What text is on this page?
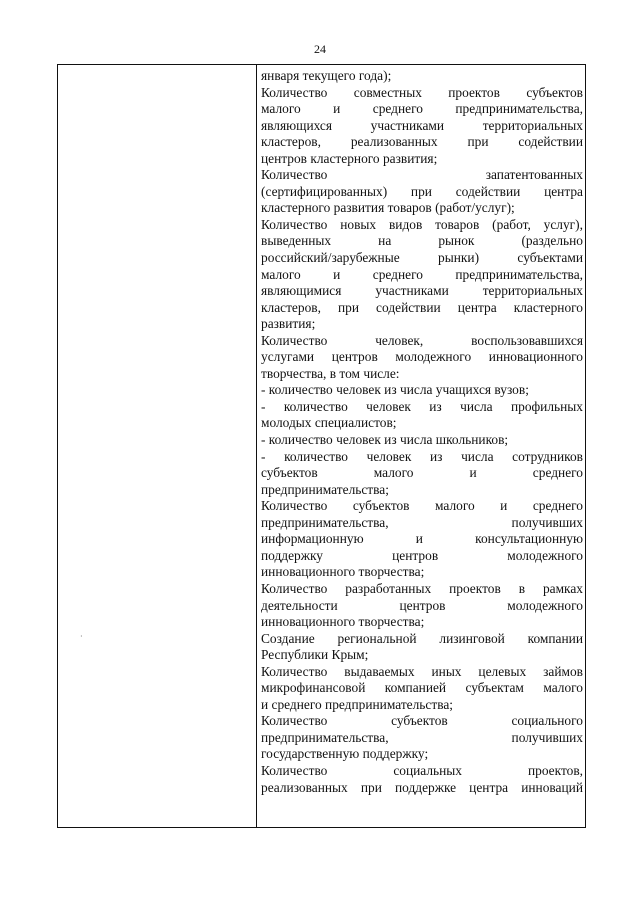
24
января текущего года);
Количество совместных проектов субъектов
малого и среднего предпринимательства,
являющихся участниками территориальных
кластеров, реализованных при содействии
центров кластерного развития;
Количество запатентованных
(сертифицированных) при содействии центра
кластерного развития товаров (работ/услуг);
Количество новых видов товаров (работ, услуг),
выведенных на рынок (раздельно
российский/зарубежные рынки) субъектами
малого и среднего предпринимательства,
являющимися участниками территориальных
кластеров, при содействии центра кластерного
развития;
Количество человек, воспользовавшихся
услугами центров молодежного инновационного
творчества, в том числе:
- количество человек из числа учащихся вузов;
- количество человек из числа профильных
молодых специалистов;
- количество человек из числа школьников;
- количество человек из числа сотрудников
субъектов малого и среднего
предпринимательства;
Количество субъектов малого и среднего
предпринимательства, получивших
информационную и консультационную
поддержку центров молодежного
инновационного творчества;
Количество разработанных проектов в рамках
деятельности центров молодежного
инновационного творчества;
Создание региональной лизинговой компании
Республики Крым;
Количество выдаваемых иных целевых займов
микрофинансовой компанией субъектам малого
и среднего предпринимательства;
Количество субъектов социального
предпринимательства, получивших
государственную поддержку;
Количество социальных проектов,
реализованных при поддержке центра инноваций
·
